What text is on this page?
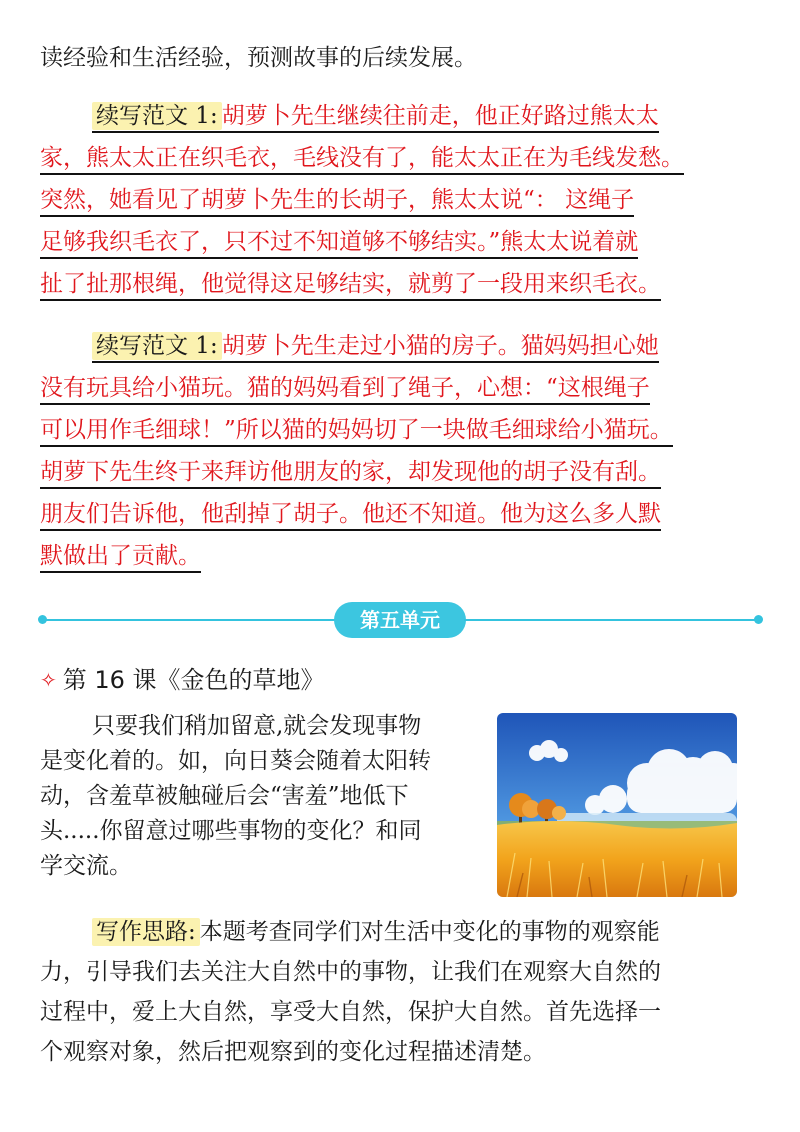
读经验和生活经验，预测故事的后续发展。
续写范文 1: 胡萝卜先生继续往前走，他正好路过熊太太
家，熊太太正在织毛衣，毛线没有了，能太太正在为毛线发愁。
突然，她看见了胡萝卜先生的长胡子，熊太太说“： 这绳子
足够我织毛衣了，只不过不知道够不够结实。”熊太太说着就
扯了扯那根绳，他觉得这足够结实，就剪了一段用来织毛衣。
续写范文 1: 胡萝卜先生走过小猫的房子。猫妈妈担心她
没有玩具给小猫玩。猫的妈妈看到了绳子，心想：“这根绳子
可以用作毛细球！”所以猫的妈妈切了一块做毛细球给小猫玩。
胡萝下先生终于来拜访他朋友的家，却发现他的胡子没有刮。
朋友们告诉他，他刮掉了胡子。他还不知道。他为这么多人默
默做出了贡献。
第五单元
✧ 第 16 课《金色的草地》
只要我们稍加留意,就会发现事物
是变化着的。如，向日葵会随着太阳转
动，含羞草被触碰后会“害羞”地低下
头.....你留意过哪些事物的变化？和同
学交流。
写作思路: 本题考查同学们对生活中变化的事物的观察能
力，引导我们去关注大自然中的事物，让我们在观察大自然的
过程中，爱上大自然，享受大自然，保护大自然。首先选择一
个观察对象，然后把观察到的变化过程描述清楚。
